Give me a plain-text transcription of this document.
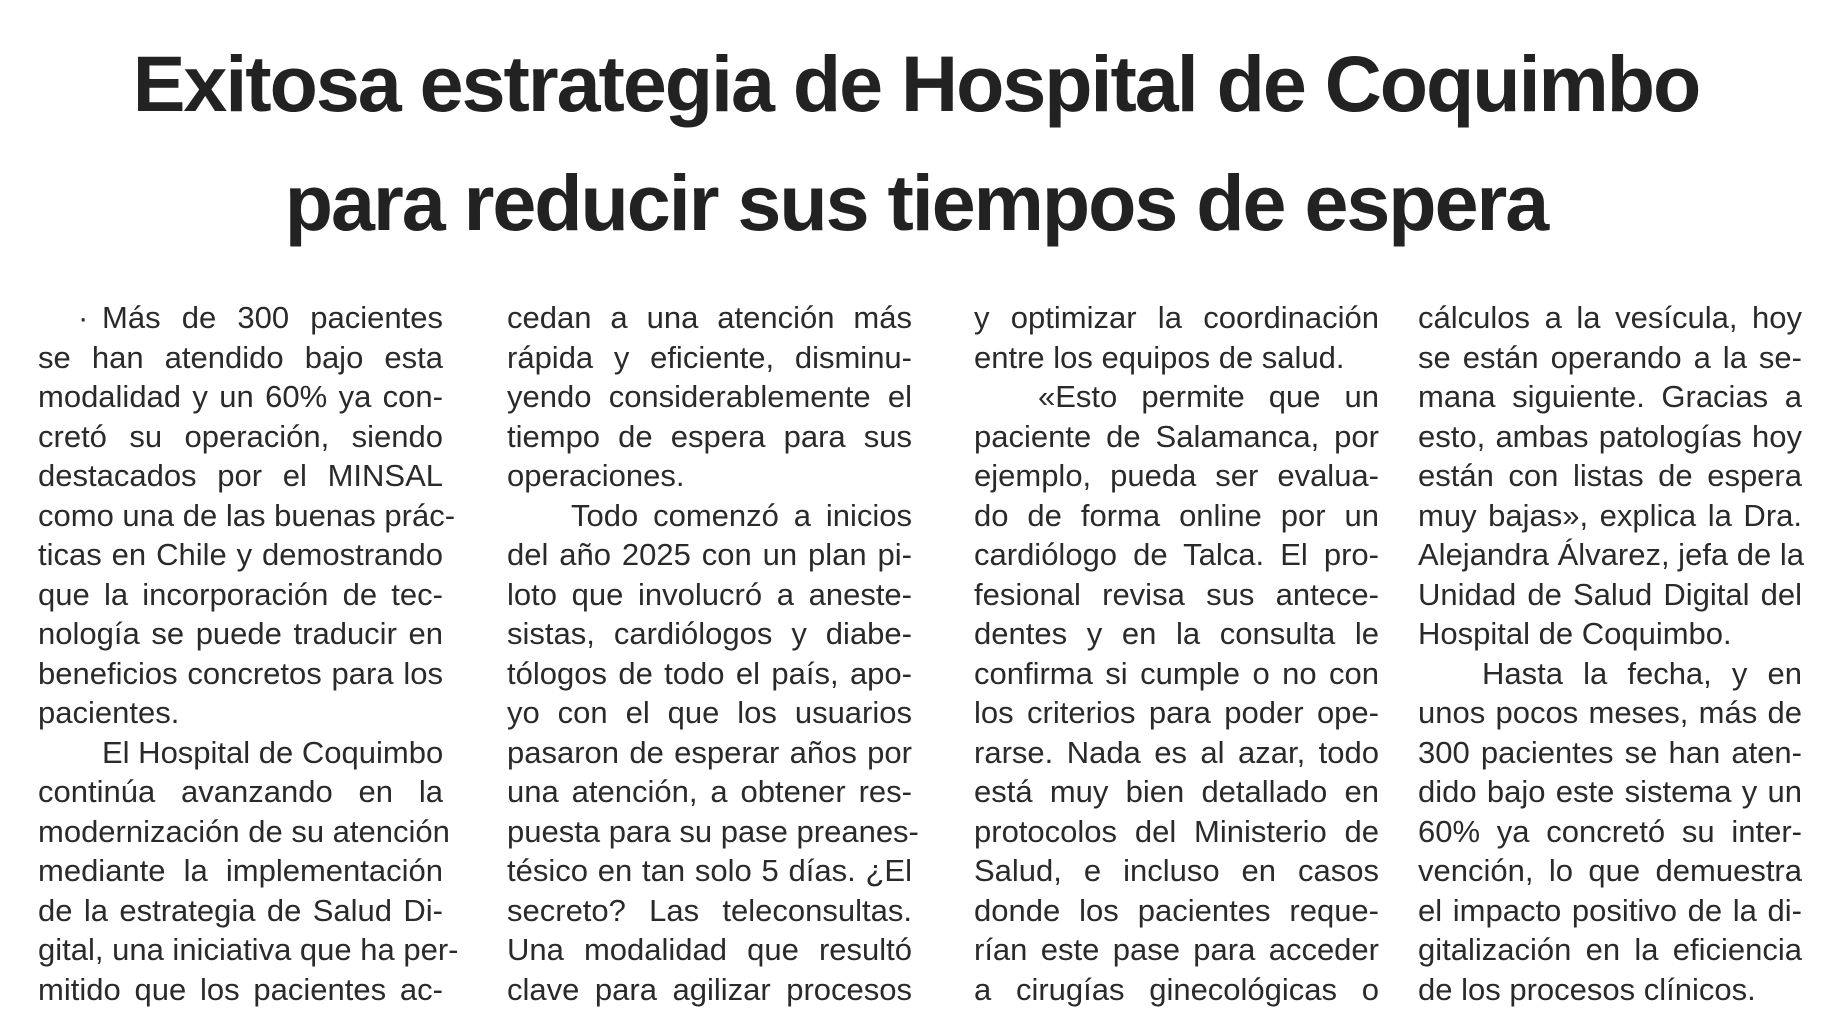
Exitosa estrategia de Hospital de Coquimbo
para reducir sus tiempos de espera

· Más de 300 pacientes
se han atendido bajo esta
modalidad y un 60% ya con-
cretó su operación, siendo
destacados por el MINSAL
como una de las buenas prác-
ticas en Chile y demostrando
que la incorporación de tec-
nología se puede traducir en
beneficios concretos para los
pacientes.

El Hospital de Coquimbo
continúa avanzando en la
modernización de su atención
mediante la implementación
de la estrategia de Salud Di-
gital, una iniciativa que ha per-
mitido que los pacientes ac-

cedan a una atención más
rápida y eficiente, disminu-
yendo considerablemente el
tiempo de espera para sus
operaciones.

Todo comenzó a inicios
del año 2025 con un plan pi-
loto que involucró a aneste-
sistas, cardiólogos y diabe-
tólogos de todo el país, apo-
yo con el que los usuarios
pasaron de esperar años por
una atención, a obtener res-
puesta para su pase preanes-
tésico en tan solo 5 días. ¿El
secreto? Las teleconsultas.
Una modalidad que resultó
clave para agilizar procesos

y optimizar la coordinación
entre los equipos de salud.

«Esto permite que un
paciente de Salamanca, por
ejemplo, pueda ser evalua-
do de forma online por un
cardiólogo de Talca. El pro-
fesional revisa sus antece-
dentes y en la consulta le
confirma si cumple o no con
los criterios para poder ope-
rarse. Nada es al azar, todo
está muy bien detallado en
protocolos del Ministerio de
Salud, e incluso en casos
donde los pacientes reque-
rían este pase para acceder
a cirugías ginecológicas o

cálculos a la vesícula, hoy
se están operando a la se-
mana siguiente. Gracias a
esto, ambas patologías hoy
están con listas de espera
muy bajas», explica la Dra.
Alejandra Álvarez, jefa de la
Unidad de Salud Digital del
Hospital de Coquimbo.

Hasta la fecha, y en
unos pocos meses, más de
300 pacientes se han aten-
dido bajo este sistema y un
60% ya concretó su inter-
vención, lo que demuestra
el impacto positivo de la di-
gitalización en la eficiencia
de los procesos clínicos.
